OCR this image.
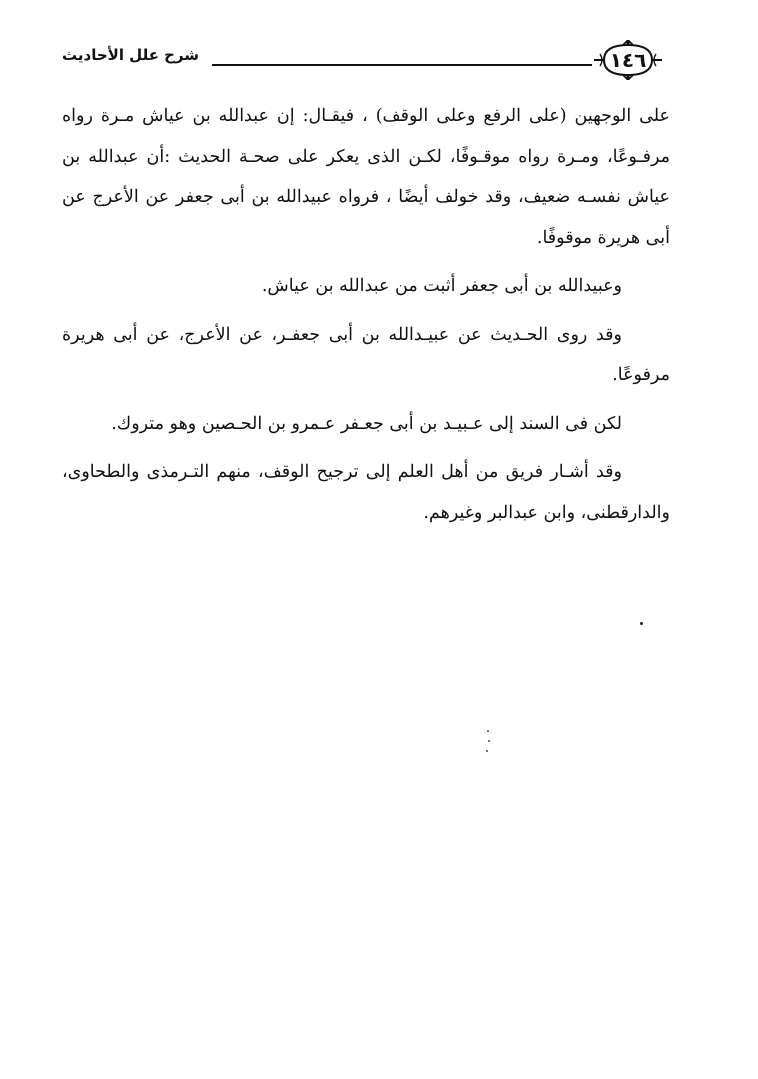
شرح علل الأحاديث	١٤٦

على الوجهين (على الرفع وعلى الوقف) ، فيقـال: إن عبدالله بن عياش مـرة رواه مرفـوعًا، ومـرة رواه موقـوفًا، لكـن الذى يعكر على صحـة الحديث :أن عبدالله بن عياش نفسـه ضعيف، وقد خولف أيضًا ، فرواه عبيدالله بن أبى جعفر عن الأعرج عن أبى هريرة موقوفًا.

وعبيدالله بن أبى جعفر أثبت من عبدالله بن عياش.

وقد روى الحـديث عن عبيـدالله بن أبى جعفـر، عن الأعرج، عن أبى هريرة مرفوعًا.

لكن فى السند إلى عـبيـد بن أبى جعـفر عـمرو بن الحـصين وهو متروك.

وقد أشـار فريق من أهل العلم إلى ترجيح الوقف، منهم التـرمذى والطحاوى، والدارقطنى، وابن عبدالبر وغيرهم.
